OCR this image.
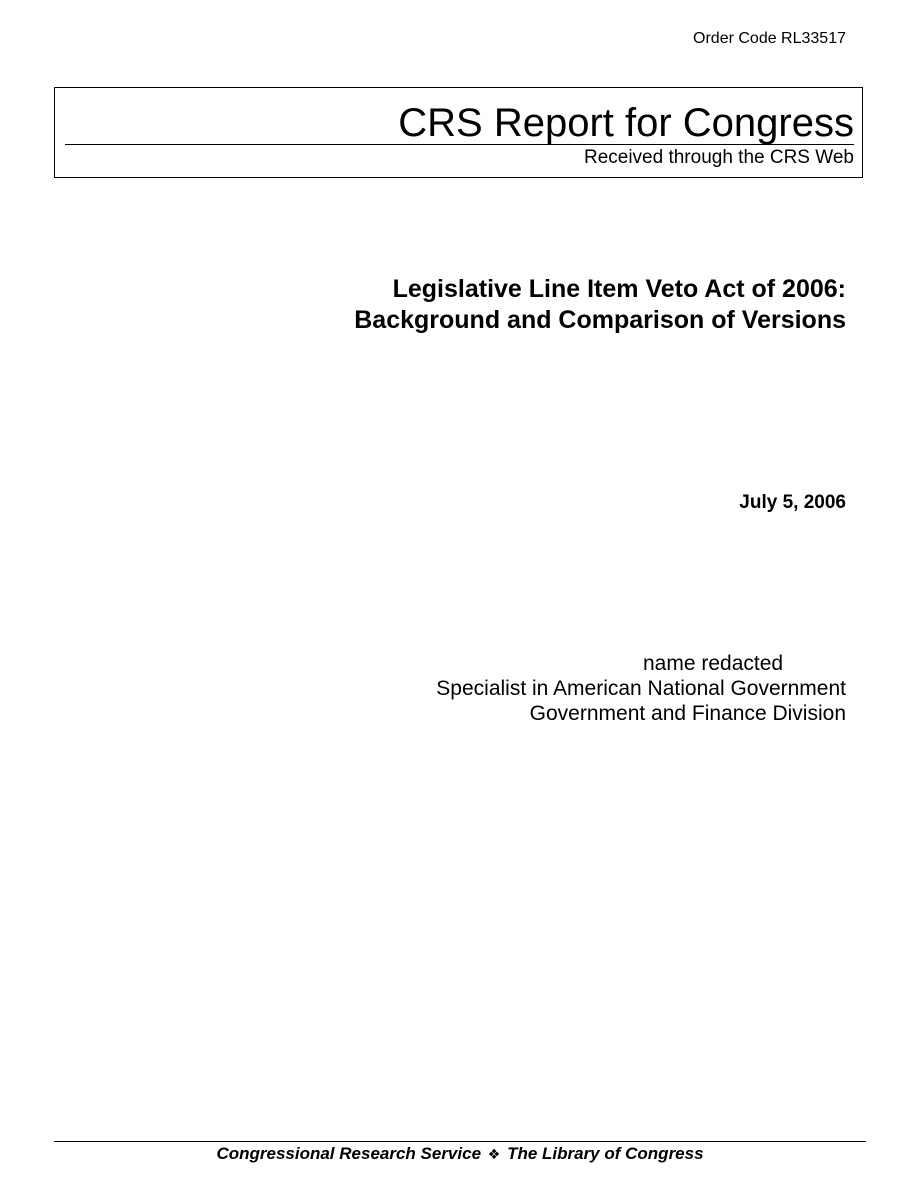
Order Code RL33517
CRS Report for Congress
Received through the CRS Web
Legislative Line Item Veto Act of 2006:
Background and Comparison of Versions
July 5, 2006
name redacted
Specialist in American National Government
Government and Finance Division
Congressional Research Service ❖ The Library of Congress
